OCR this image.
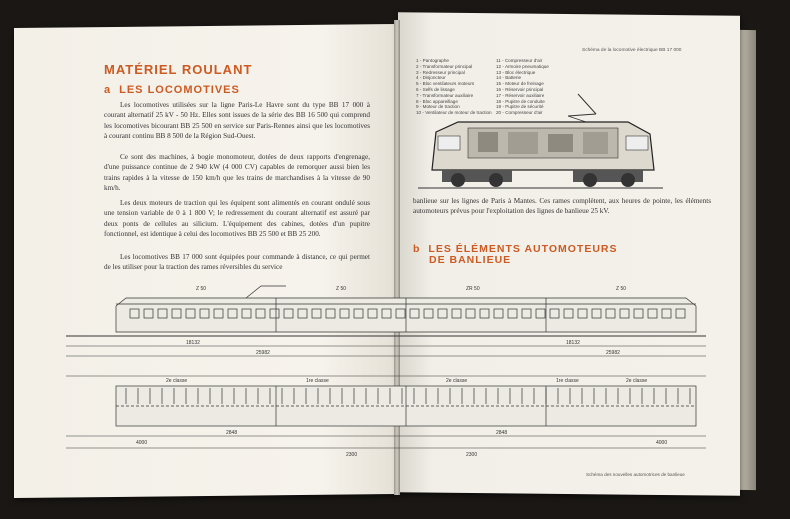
MATÉRIEL ROULANT
a LES LOCOMOTIVES
Les locomotives utilisées sur la ligne Paris-Le Havre sont du type BB 17 000 à courant alternatif 25 kV - 50 Hz. Elles sont issues de la série des BB 16 500 qui comprend les locomotives bicourant BB 25 500 en service sur Paris-Rennes ainsi que les locomotives à courant continu BB 8 500 de la Région Sud-Ouest.
Ce sont des machines, à bogie monomoteur, dotées de deux rapports d'engrenage, d'une puissance continue de 2 940 kW (4 000 CV) capables de remorquer aussi bien les trains rapides à la vitesse de 150 km/h que les trains de marchandises à la vitesse de 90 km/h.
Les deux moteurs de traction qui les équipent sont alimentés en courant ondulé sous une tension variable de 0 à 1 800 V; le redressement du courant alternatif est assuré par deux ponts de cellules au silicium. L'équipement des cabines, dotées d'un pupitre fonctionnel, est identique à celui des locomotives BB 25 500 et BB 25 200.
Les locomotives BB 17 000 sont équipées pour commande à distance, ce qui permet de les utiliser pour la traction des rames réversibles du service
Schéma de la locomotive électrique BB 17 000
1 - Pantographe
2 - Transformateur principal
3 - Redresseur principal
4 - Disjoncteur
5 - Bloc ventilateurs moteurs
6 - Selfs de lissage
7 - Transformateur auxiliaire
8 - Bloc appareillage
9 - Moteur de traction
10 - Ventilateur de moteur de traction
11 - Compresseur d'air
12 - Armoire pneumatique
13 - Bloc électrique
14 - Batterie
15 - Moteur de freinage
16 - Réservoir principal
17 - Réservoir auxiliaire
18 - Pupitre de conduite
19 - Pupitre de sécurité
20 - Compresseur d'air
banlieue sur les lignes de Paris à Mantes. Ces rames complètent, aux heures de pointe, les éléments automoteurs prévus pour l'exploitation des lignes de banlieue 25 kV.
b LES ÉLÉMENTS AUTOMOTEURS
DE BANLIEUE
Z 50	Z 50	ZR 50	Z 50
2e classe	1re classe	2e classe	1re classe	2e classe
18132
25982
18132
25982
4000	4000
2848	2848
2300	2300
Schéma des nouvelles automotrices de banlieue
